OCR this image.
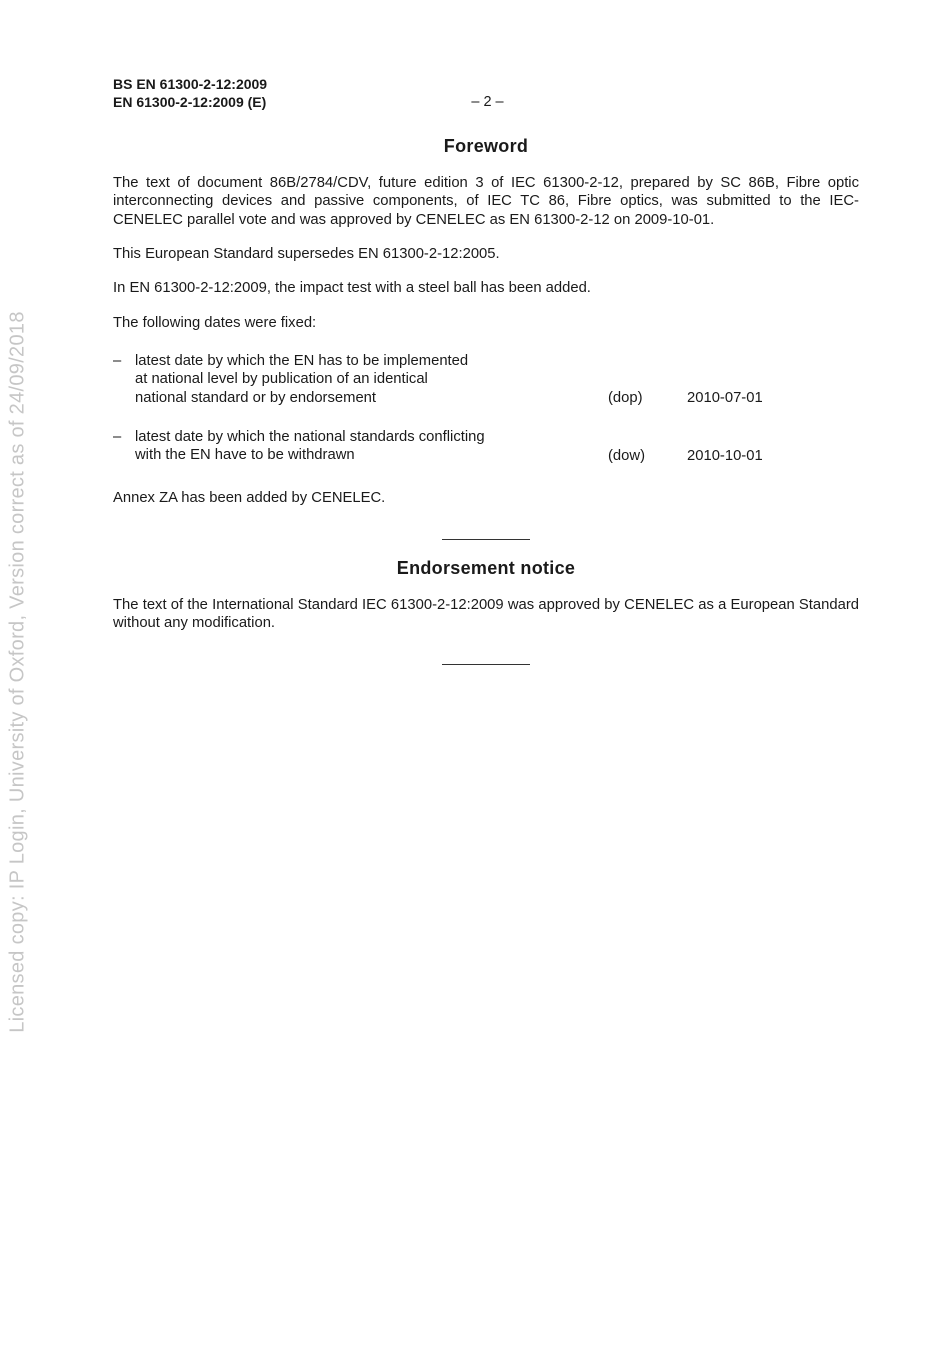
BS EN 61300-2-12:2009
EN 61300-2-12:2009 (E)	– 2 –
Foreword
The text of document 86B/2784/CDV, future edition 3 of IEC 61300-2-12, prepared by SC 86B, Fibre optic interconnecting devices and passive components, of IEC TC 86, Fibre optics, was submitted to the IEC-CENELEC parallel vote and was approved by CENELEC as EN 61300-2-12 on 2009-10-01.
This European Standard supersedes EN 61300-2-12:2005.
In EN 61300-2-12:2009, the impact test with a steel ball has been added.
The following dates were fixed:
– latest date by which the EN has to be implemented
at national level by publication of an identical
national standard or by endorsement	(dop)	2010-07-01
– latest date by which the national standards conflicting
with the EN have to be withdrawn	(dow)	2010-10-01
Annex ZA has been added by CENELEC.
Endorsement notice
The text of the International Standard IEC 61300-2-12:2009 was approved by CENELEC as a European Standard without any modification.
Licensed copy: IP Login, University of Oxford, Version correct as of 24/09/2018
